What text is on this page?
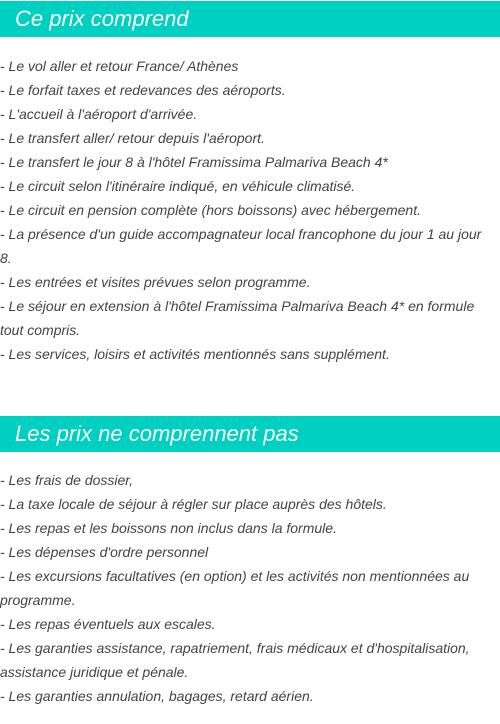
Ce prix comprend
- Le vol aller et retour France/ Athènes
- Le forfait taxes et redevances des aéroports.
- L'accueil à l'aéroport d'arrivée.
- Le transfert aller/ retour depuis l'aéroport.
- Le transfert le jour 8 à l'hôtel Framissima Palmariva Beach 4*
- Le circuit selon l'itinéraire indiqué, en véhicule climatisé.
- Le circuit en pension complète (hors boissons) avec hébergement.
- La présence d'un guide accompagnateur local francophone du jour 1 au jour 8.
- Les entrées et visites prévues selon programme.
- Le séjour en extension à l'hôtel Framissima Palmariva Beach 4* en formule tout compris.
- Les services, loisirs et activités mentionnés sans supplément.
Les prix ne comprennent pas
- Les frais de dossier,
- La taxe locale de séjour à régler sur place auprès des hôtels.
- Les repas et les boissons non inclus dans la formule.
- Les dépenses d'ordre personnel
- Les excursions facultatives (en option) et les activités non mentionnées au programme.
- Les repas éventuels aux escales.
- Les garanties assistance, rapatriement, frais médicaux et d'hospitalisation, assistance juridique et pénale.
- Les garanties annulation, bagages, retard aérien.
